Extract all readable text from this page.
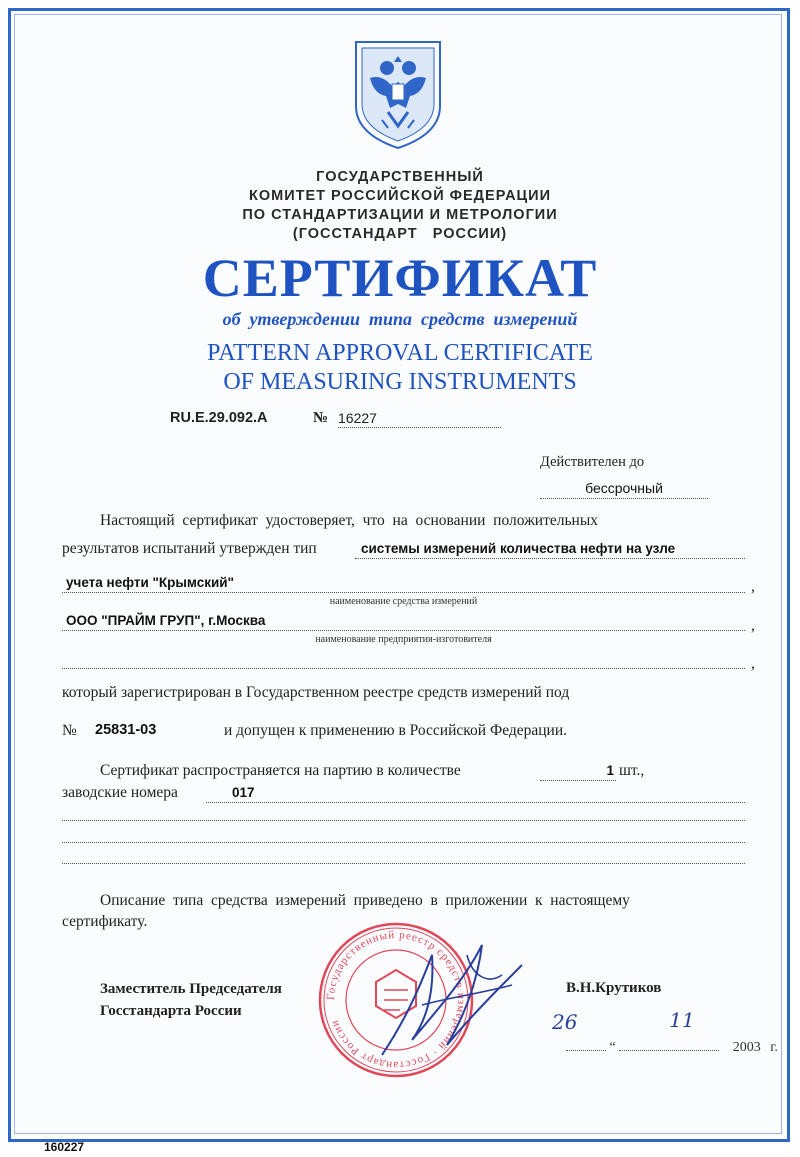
ГОСУДАРСТВЕННЫЙ
КОМИТЕТ РОССИЙСКОЙ ФЕДЕРАЦИИ
ПО СТАНДАРТИЗАЦИИ И МЕТРОЛОГИИ
(ГОССТАНДАРТ   РОССИИ)
СЕРТИФИКАТ
об  утверждении  типа  средств  измерений
PATTERN APPROVAL CERTIFICATE
OF MEASURING INSTRUMENTS
RU.E.29.092.A	№ 16227
Действителен до
бессрочный
Настоящий  сертификат  удостоверяет,  что  на  основании  положительных
результатов испытаний утвержден тип	системы измерений количества нефти на узле
учета нефти "Крымский"	,
наименование средства измерений
ООО "ПРАЙМ ГРУП", г.Москва	,
наименование предприятия-изготовителя
,
который зарегистрирован в Государственном реестре средств измерений под
№ 25831-03	и допущен к применению в Российской Федерации.
Сертификат распространяется на партию в количестве	1 шт.,
заводские номера	017
Описание  типа  средства  измерений  приведено  в  приложении  к  настоящему
сертификату.
Государственный реестр средств измерений · Госстандарт России
Заместитель Председателя
Госстандарта России
В.Н.Крутиков
26
“
11
2003 г.
160227
